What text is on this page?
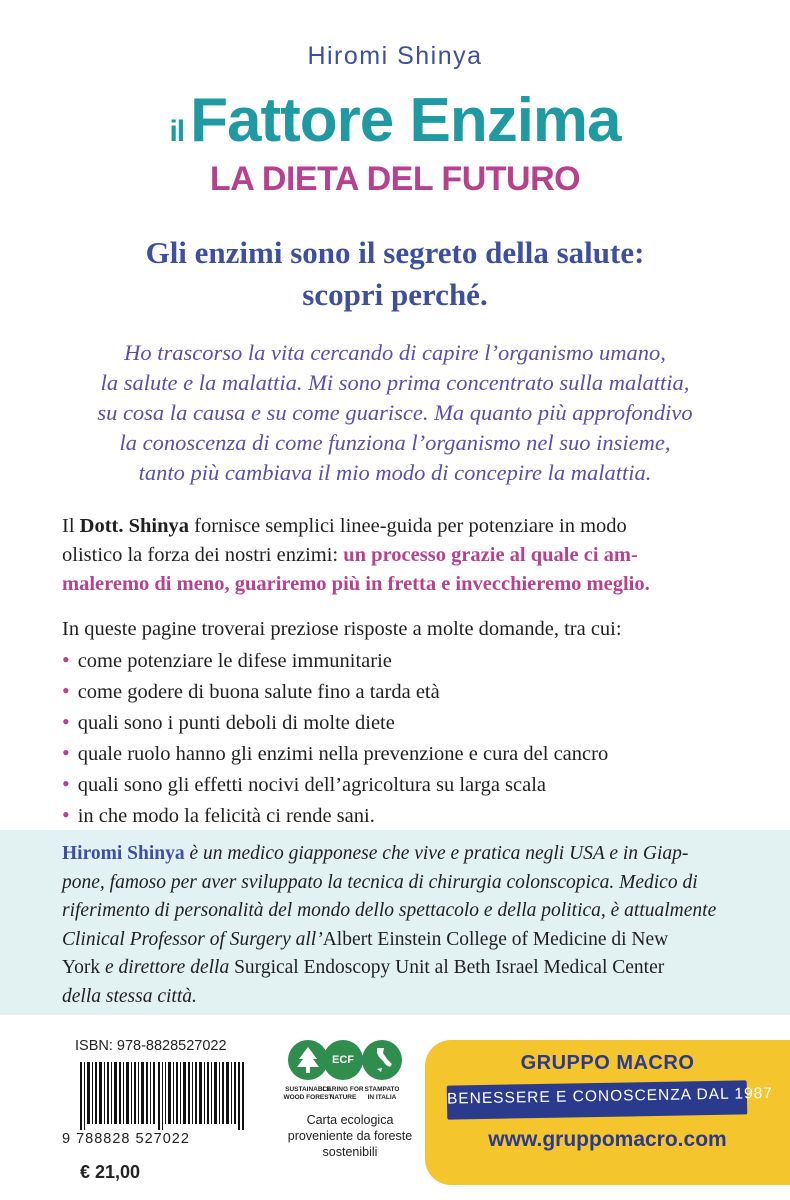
Hiromi Shinya
ilFattore Enzima
LA DIETA DEL FUTURO
Gli enzimi sono il segreto della salute:
scopri perché.
Ho trascorso la vita cercando di capire l’organismo umano,
la salute e la malattia. Mi sono prima concentrato sulla malattia,
su cosa la causa e su come guarisce. Ma quanto più approfondivo
la conoscenza di come funziona l’organismo nel suo insieme,
tanto più cambiava il mio modo di concepire la malattia.
Il Dott. Shinya fornisce semplici linee-guida per potenziare in modo
olistico la forza dei nostri enzimi: un processo grazie al quale ci am-
maleremo di meno, guariremo più in fretta e invecchieremo meglio.
In queste pagine troverai preziose risposte a molte domande, tra cui:
• come potenziare le difese immunitarie
• come godere di buona salute fino a tarda età
• quali sono i punti deboli di molte diete
• quale ruolo hanno gli enzimi nella prevenzione e cura del cancro
• quali sono gli effetti nocivi dell’agricoltura su larga scala
• in che modo la felicità ci rende sani.
Hiromi Shinya è un medico giapponese che vive e pratica negli USA e in Giap-
pone, famoso per aver sviluppato la tecnica di chirurgia colonscopica. Medico di
riferimento di personalità del mondo dello spettacolo e della politica, è attualmente
Clinical Professor of Surgery all’Albert Einstein College of Medicine di New
York e direttore della Surgical Endoscopy Unit al Beth Israel Medical Center
della stessa città.
ISBN: 978-8828527022
9 788828 527022
€ 21,00
SUSTAINABLE
WOOD FOREST
ECF
CARING FOR
NATURE
STAMPATO
IN ITALIA
Carta ecologica proveniente da foreste sostenibili
GRUPPO MACRO
BENESSERE E CONOSCENZA DAL 1987
www.gruppomacro.com
